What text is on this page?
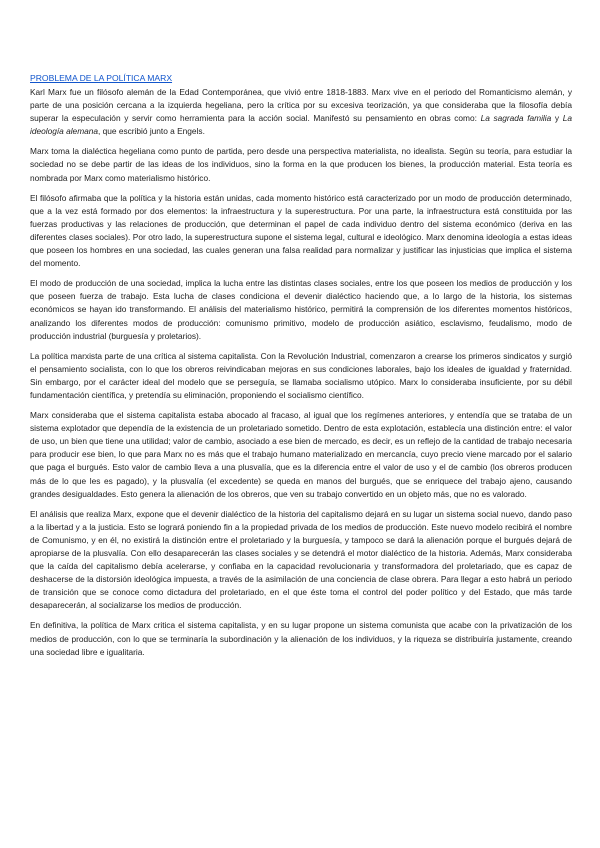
PROBLEMA DE LA POLÍTICA MARX

Karl Marx fue un filósofo alemán de la Edad Contemporánea, que vivió entre 1818-1883. Marx vive en el periodo del Romanticismo alemán, y parte de una posición cercana a la izquierda hegeliana, pero la crítica por su excesiva teorización, ya que consideraba que la filosofía debía superar la especulación y servir como herramienta para la acción social. Manifestó su pensamiento en obras como: La sagrada familia y La ideología alemana, que escribió junto a Engels.

Marx toma la dialéctica hegeliana como punto de partida, pero desde una perspectiva materialista, no idealista. Según su teoría, para estudiar la sociedad no se debe partir de las ideas de los individuos, sino la forma en la que producen los bienes, la producción material. Esta teoría es nombrada por Marx como materialismo histórico.

El filósofo afirmaba que la política y la historia están unidas, cada momento histórico está caracterizado por un modo de producción determinado, que a la vez está formado por dos elementos: la infraestructura y la superestructura. Por una parte, la infraestructura está constituida por las fuerzas productivas y las relaciones de producción, que determinan el papel de cada individuo dentro del sistema económico (deriva en las diferentes clases sociales). Por otro lado, la superestructura supone el sistema legal, cultural e ideológico. Marx denomina ideología a estas ideas que poseen los hombres en una sociedad, las cuales generan una falsa realidad para normalizar y justificar las injusticias que implica el sistema del momento.

El modo de producción de una sociedad, implica la lucha entre las distintas clases sociales, entre los que poseen los medios de producción y los que poseen fuerza de trabajo. Esta lucha de clases condiciona el devenir dialéctico haciendo que, a lo largo de la historia, los sistemas económicos se hayan ido transformando. El análisis del materialismo histórico, permitirá la comprensión de los diferentes momentos históricos, analizando los diferentes modos de producción: comunismo primitivo, modelo de producción asiático, esclavismo, feudalismo, modo de producción industrial (burguesía y proletarios).

La política marxista parte de una crítica al sistema capitalista. Con la Revolución Industrial, comenzaron a crearse los primeros sindicatos y surgió el pensamiento socialista, con lo que los obreros reivindicaban mejoras en sus condiciones laborales, bajo los ideales de igualdad y fraternidad. Sin embargo, por el carácter ideal del modelo que se perseguía, se llamaba socialismo utópico. Marx lo consideraba insuficiente, por su débil fundamentación científica, y pretendía su eliminación, proponiendo el socialismo científico.

Marx consideraba que el sistema capitalista estaba abocado al fracaso, al igual que los regímenes anteriores, y entendía que se trataba de un sistema explotador que dependía de la existencia de un proletariado sometido. Dentro de esta explotación, establecía una distinción entre: el valor de uso, un bien que tiene una utilidad; valor de cambio, asociado a ese bien de mercado, es decir, es un reflejo de la cantidad de trabajo necesaria para producir ese bien, lo que para Marx no es más que el trabajo humano materializado en mercancía, cuyo precio viene marcado por el salario que paga el burgués. Esto valor de cambio lleva a una plusvalía, que es la diferencia entre el valor de uso y el de cambio (los obreros producen más de lo que les es pagado), y la plusvalía (el excedente) se queda en manos del burgués, que se enriquece del trabajo ajeno, causando grandes desigualdades. Esto genera la alienación de los obreros, que ven su trabajo convertido en un objeto más, que no es valorado.

El análisis que realiza Marx, expone que el devenir dialéctico de la historia del capitalismo dejará en su lugar un sistema social nuevo, dando paso a la libertad y a la justicia. Esto se logrará poniendo fin a la propiedad privada de los medios de producción. Este nuevo modelo recibirá el nombre de Comunismo, y en él, no existirá la distinción entre el proletariado y la burguesía, y tampoco se dará la alienación porque el burgués dejará de apropiarse de la plusvalía. Con ello desaparecerán las clases sociales y se detendrá el motor dialéctico de la historia. Además, Marx consideraba que la caída del capitalismo debía acelerarse, y confiaba en la capacidad revolucionaria y transformadora del proletariado, que es capaz de deshacerse de la distorsión ideológica impuesta, a través de la asimilación de una conciencia de clase obrera. Para llegar a esto habrá un periodo de transición que se conoce como dictadura del proletariado, en el que éste toma el control del poder político y del Estado, que más tarde desaparecerán, al socializarse los medios de producción.

En definitiva, la política de Marx critica el sistema capitalista, y en su lugar propone un sistema comunista que acabe con la privatización de los medios de producción, con lo que se terminaría la subordinación y la alienación de los individuos, y la riqueza se distribuiría justamente, creando una sociedad libre e igualitaria.
